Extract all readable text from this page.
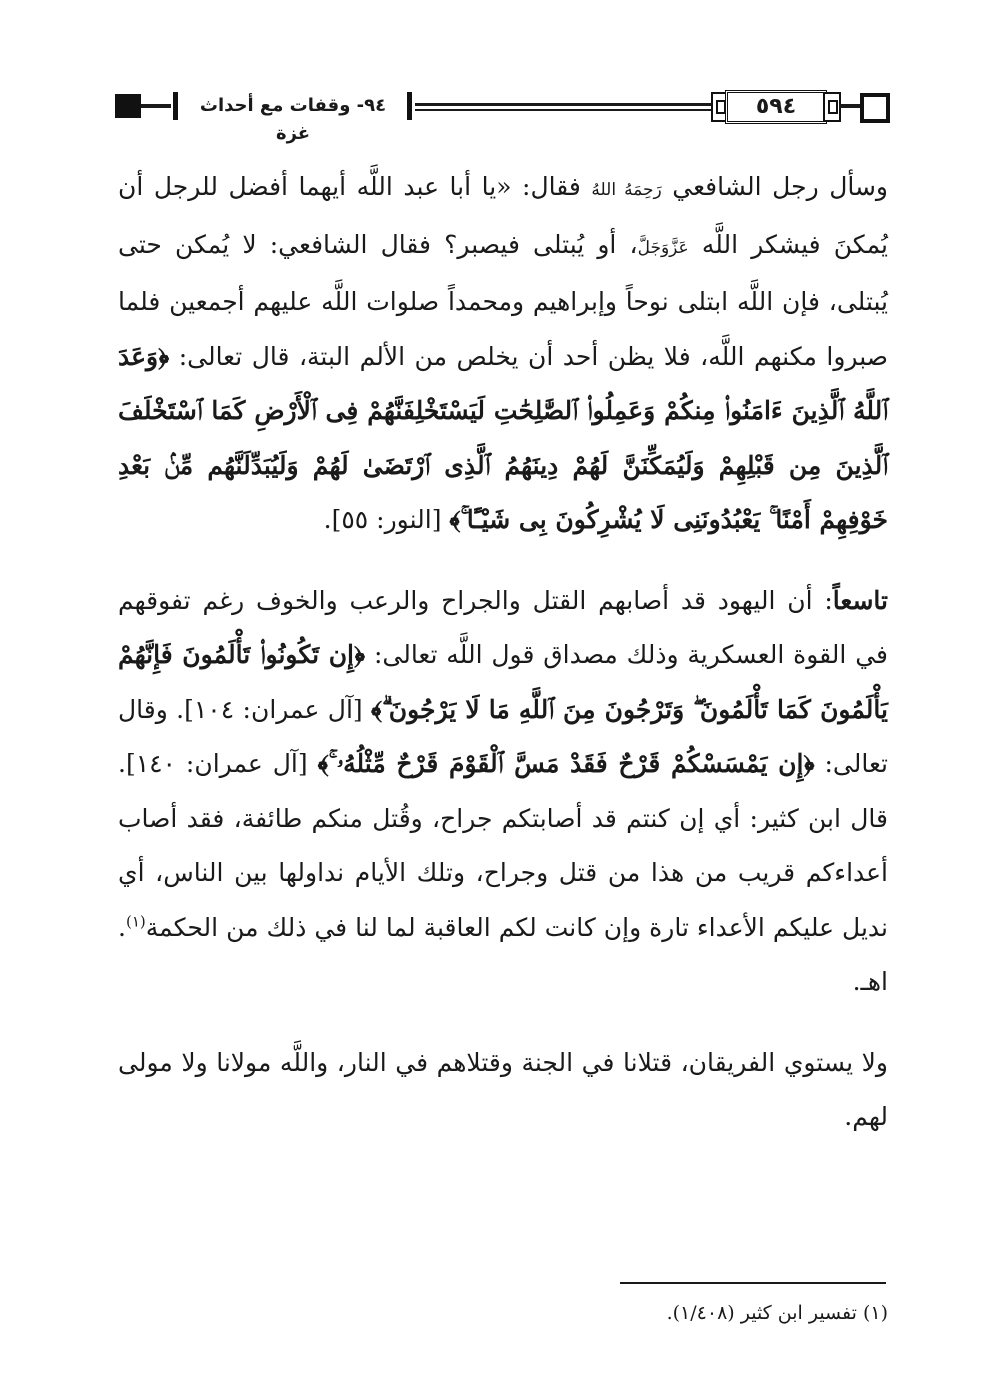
٩٤- وقفات مع أحداث غزة
٥٩٤

وسأل رجل الشافعي رَحِمَهُ اللهُ فقال: «يا أبا عبد اللَّه أيهما أفضل للرجل أن يُمكنَ فيشكر اللَّه عَزَّوَجَلَّ، أو يُبتلى فيصبر؟ فقال الشافعي: لا يُمكن حتى يُبتلى، فإن اللَّه ابتلى نوحاً وإبراهيم ومحمداً صلوات اللَّه عليهم أجمعين فلما صبروا مكنهم اللَّه، فلا يظن أحد أن يخلص من الألم البتة، قال تعالى: ﴿وَعَدَ ٱللَّهُ ٱلَّذِينَ ءَامَنُوا۟ مِنكُمْ وَعَمِلُوا۟ ٱلصَّٰلِحَٰتِ لَيَسْتَخْلِفَنَّهُمْ فِى ٱلْأَرْضِ كَمَا ٱسْتَخْلَفَ ٱلَّذِينَ مِن قَبْلِهِمْ وَلَيُمَكِّنَنَّ لَهُمْ دِينَهُمُ ٱلَّذِى ٱرْتَضَىٰ لَهُمْ وَلَيُبَدِّلَنَّهُم مِّنۢ بَعْدِ خَوْفِهِمْ أَمْنًا ۚ يَعْبُدُونَنِى لَا يُشْرِكُونَ بِى شَيْـًٔا ۚ﴾ [النور: ٥٥].

تاسعاً: أن اليهود قد أصابهم القتل والجراح والرعب والخوف رغم تفوقهم في القوة العسكرية وذلك مصداق قول اللَّه تعالى: ﴿إِن تَكُونُوا۟ تَأْلَمُونَ فَإِنَّهُمْ يَأْلَمُونَ كَمَا تَأْلَمُونَ ۖ وَتَرْجُونَ مِنَ ٱللَّهِ مَا لَا يَرْجُونَ ۗ﴾ [آل عمران: ١٠٤]. وقال تعالى: ﴿إِن يَمْسَسْكُمْ قَرْحٌ فَقَدْ مَسَّ ٱلْقَوْمَ قَرْحٌ مِّثْلُهُۥ ۚ﴾ [آل عمران: ١٤٠]. قال ابن كثير: أي إن كنتم قد أصابتكم جراح، وقُتل منكم طائفة، فقد أصاب أعداءكم قريب من هذا من قتل وجراح، وتلك الأيام نداولها بين الناس، أي نديل عليكم الأعداء تارة وإن كانت لكم العاقبة لما لنا في ذلك من الحكمة$^{(١)}$. اهـ.

ولا يستوي الفريقان، قتلانا في الجنة وقتلاهم في النار، واللَّه مولانا ولا مولى لهم.

(١) تفسير ابن كثير (١/٤٠٨).
